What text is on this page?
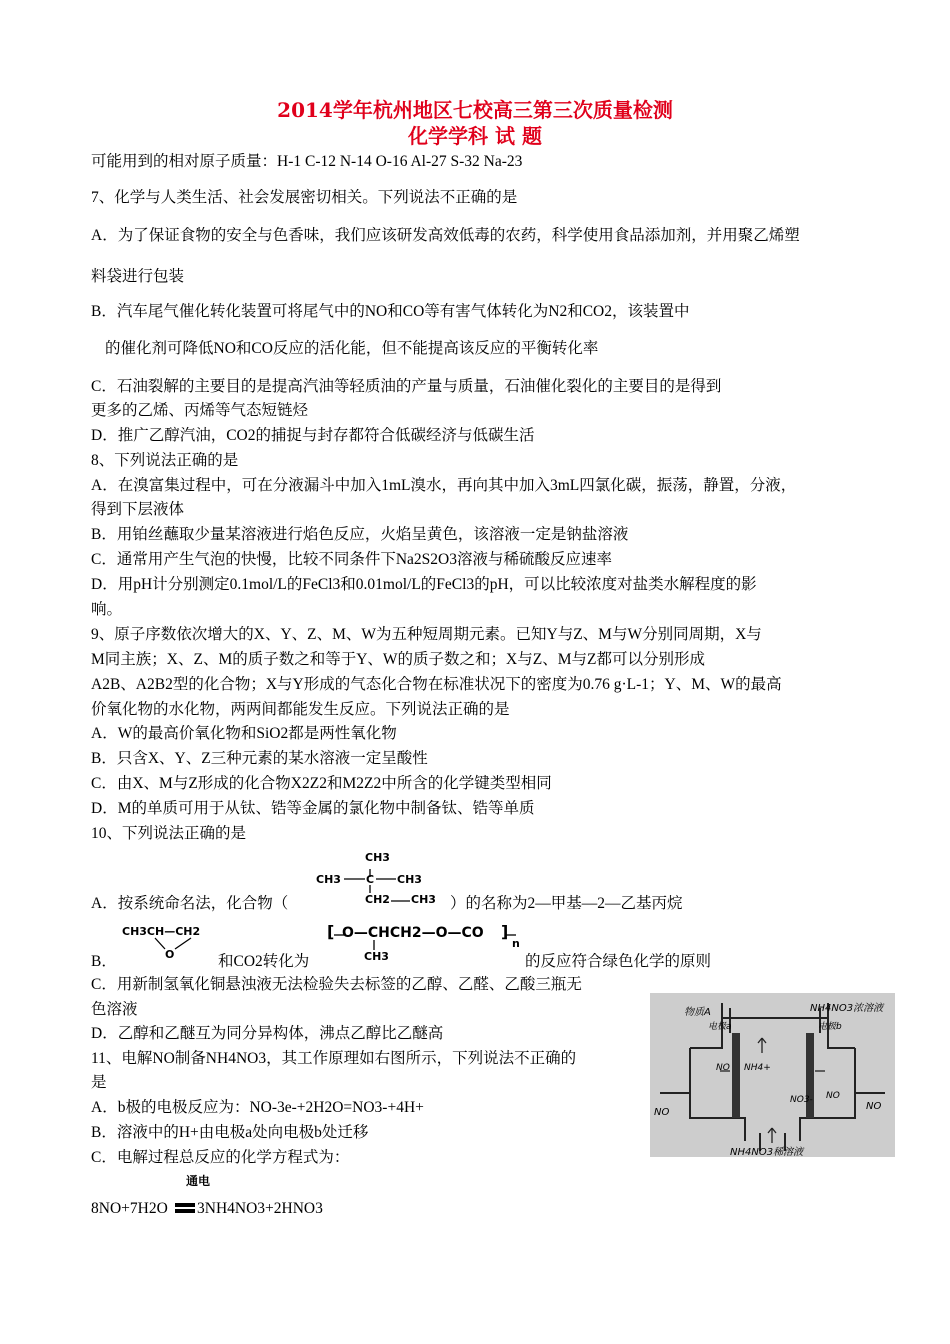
2014学年杭州地区七校高三第三次质量检测
化学学科 试 题
可能用到的相对原子质量：H-1 C-12 N-14 O-16 Al-27 S-32 Na-23
7、化学与人类生活、社会发展密切相关。下列说法不正确的是
A．为了保证食物的安全与色香味，我们应该研发高效低毒的农药，科学使用食品添加剂，并用聚乙烯塑
料袋进行包装
B．汽车尾气催化转化装置可将尾气中的NO和CO等有害气体转化为N2和CO2，该装置中
的催化剂可降低NO和CO反应的活化能，但不能提高该反应的平衡转化率
C．石油裂解的主要目的是提高汽油等轻质油的产量与质量，石油催化裂化的主要目的是得到
更多的乙烯、丙烯等气态短链烃
D．推广乙醇汽油，CO2的捕捉与封存都符合低碳经济与低碳生活
8、下列说法正确的是
A．在溴富集过程中，可在分液漏斗中加入1mL溴水，再向其中加入3mL四氯化碳，振荡，静置，分液，
得到下层液体
B．用铂丝蘸取少量某溶液进行焰色反应，火焰呈黄色，该溶液一定是钠盐溶液
C．通常用产生气泡的快慢，比较不同条件下Na2S2O3溶液与稀硫酸反应速率
D．用pH计分别测定0.1mol/L的FeCl3和0.01mol/L的FeCl3的pH，可以比较浓度对盐类水解程度的影
响。
9、原子序数依次增大的X、Y、Z、M、W为五种短周期元素。已知Y与Z、M与W分别同周期，X与
M同主族；X、Z、M的质子数之和等于Y、W的质子数之和；X与Z、M与Z都可以分别形成
A2B、A2B2型的化合物；X与Y形成的气态化合物在标准状况下的密度为0.76 g·L-1；Y、M、W的最高
价氧化物的水化物，两两间都能发生反应。下列说法正确的是
A．W的最高价氧化物和SiO2都是两性氧化物
B．只含X、Y、Z三种元素的某水溶液一定呈酸性
C．由X、M与Z形成的化合物X2Z2和M2Z2中所含的化学键类型相同
D．M的单质可用于从钛、锆等金属的氯化物中制备钛、锆等单质
10、下列说法正确的是
CH3
CH3 C CH3
CH2 CH3
A．按系统命名法，化合物（	）的名称为2—甲基—2—乙基丙烷
CH3CH—CH2
O
[ O—CHCH2—O—CO ]
n
CH3
B．	和CO2转化为	的反应符合绿色化学的原则
C．用新制氢氧化铜悬浊液无法检验失去标签的乙醇、乙醛、乙酸三瓶无
色溶液
D．乙醇和乙醚互为同分异构体，沸点乙醇比乙醚高
11、电解NO制备NH4NO3，其工作原理如右图所示，下列说法不正确的
是
A．b极的电极反应为：NO-3e-+2H2O=NO3-+4H+
B．溶液中的H+由电极a处向电极b处迁移
C．电解过程总反应的化学方程式为：
通电
8NO+7H2O 3NH4NO3+2HNO3
物质A	NH4NO3浓溶液
电极a	电极b
NO NH4+
NO3- NO
NO
NO
NH4NO3稀溶液
